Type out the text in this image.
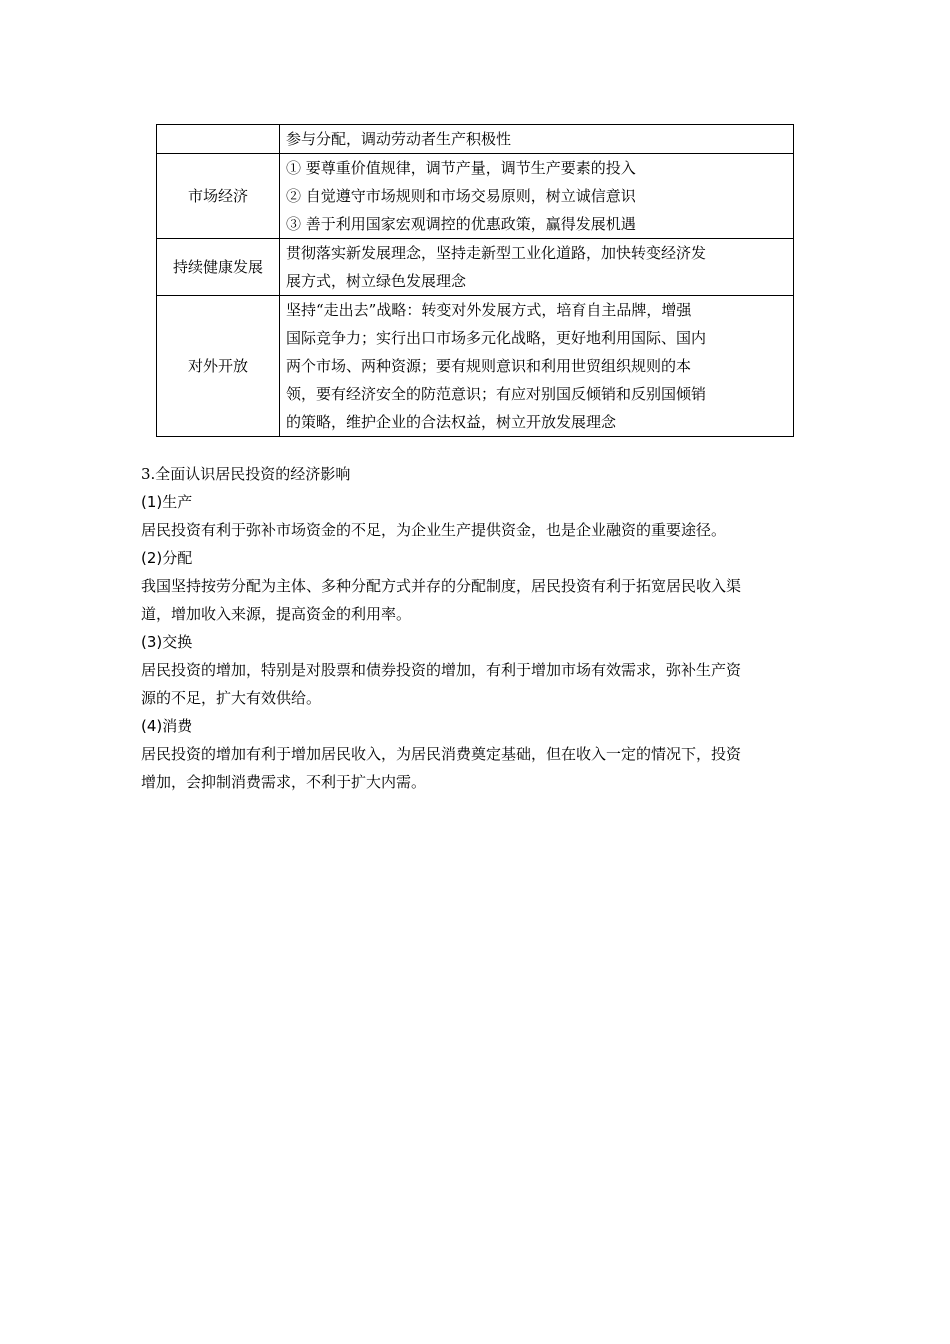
	参与分配，调动劳动者生产积极性

市场经济	① 要尊重价值规律，调节产量，调节生产要素的投入
② 自觉遵守市场规则和市场交易原则，树立诚信意识
③ 善于利用国家宏观调控的优惠政策，赢得发展机遇

持续健康发展	贯彻落实新发展理念，坚持走新型工业化道路，加快转变经济发
展方式，树立绿色发展理念

对外开放	坚持“走出去”战略：转变对外发展方式，培育自主品牌，增强
国际竞争力；实行出口市场多元化战略，更好地利用国际、国内
两个市场、两种资源；要有规则意识和利用世贸组织规则的本
领，要有经济安全的防范意识；有应对别国反倾销和反别国倾销
的策略，维护企业的合法权益，树立开放发展理念
3.全面认识居民投资的经济影响
(1)生产
居民投资有利于弥补市场资金的不足，为企业生产提供资金，也是企业融资的重要途径。
(2)分配
我国坚持按劳分配为主体、多种分配方式并存的分配制度，居民投资有利于拓宽居民收入渠
道，增加收入来源，提高资金的利用率。
(3)交换
居民投资的增加，特别是对股票和债券投资的增加，有利于增加市场有效需求，弥补生产资
源的不足，扩大有效供给。
(4)消费
居民投资的增加有利于增加居民收入，为居民消费奠定基础，但在收入一定的情况下，投资
增加，会抑制消费需求，不利于扩大内需。
